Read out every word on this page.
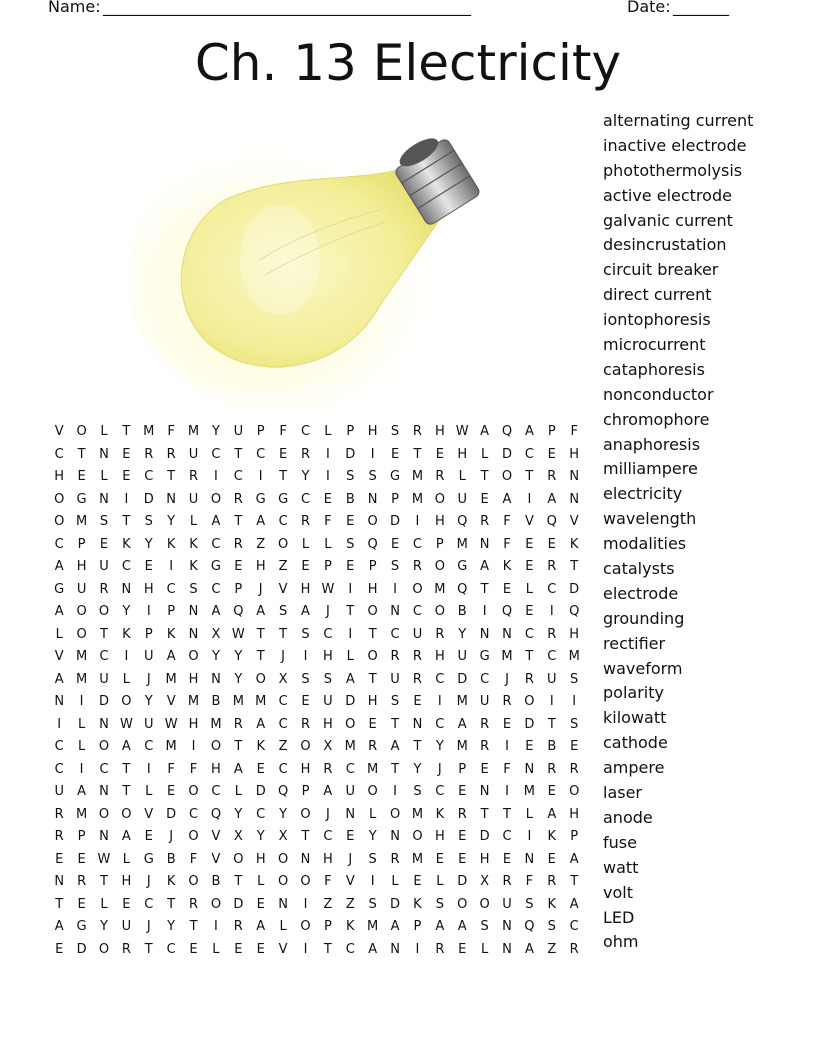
Name: ______________________________________________	Date: _______
Ch. 13 Electricity
V O	L	T M	F	M Y	U	P	F	C	L	P	H	S	R H W A Q A	P	F
C	T	N	E	R	R	U	C	T	C	E	R	I	D	I	E	T	E	H	L	D C	E	H
H	E	L	E	C	T	R	I	C	I	T	Y	I	S	S	G M R	L	T	O	T	R	N
O G N	I	D N U O R G G C	E	B	N	P M O U	E	A	I	A	N
O M S	T	S	Y	L	A	T	A	C	R	F	E	O D	I	H Q R	F	V Q V
C	P	E	K	Y	K	K	C	R	Z O	L	L	S	Q	E	C	P M N	F	E	E	K
A	H U	C	E	I	K	G	E	H	Z	E	P	E	P	S	R O G A	K	E	R	T
G U	R	N H C	S	C	P	J	V	H W	I	H	I	O M Q	T	E	L	C D
A O O	Y	I	P	N	A Q A	S	A	J	T	O N C O B	I	Q	E	I	Q
L	O	T	K	P	K	N	X W T	T	S	C	I	T	C	U	R	Y	N N C	R H
V M C	I	U	A O	Y	Y	T	J	I	H	L	O R	R H U G M T	C M
A M U	L	J	M H N	Y	O X	S	S	A	T	U	R	C D C	J	R	U	S
N	I	D O	Y	V M B M M C	E	U D H	S	E	I	M U	R O	I	I
I	L	N W U W H M R	A	C	R H O	E	T	N C	A	R	E	D	T	S
C	L	O A	C M	I	O	T	K	Z O X M R	A	T	Y M R	I	E	B	E
C	I	C	T	I	F	F	H	A	E	C H R	C M T	Y	J	P	E	F	N	R	R
U	A	N	T	L	E	O C	L	D Q	P	A	U O	I	S	C	E	N	I	M E	O
R M O O V D C Q	Y	C	Y	O	J	N	L	O M K	R	T	T	L	A	H
R	P	N	A	E	J	O V	X	Y	X	T	C	E	Y	N O H	E	D C	I	K	P
E	E W L	G B	F	V O H O N H	J	S	R M E	E	H	E	N	E	A
N	R	T	H	J	K	O B	T	L	O O	F	V	I	L	E	L	D X	R	F	R	T
T	E	L	E	C	T	R O D	E	N	I	Z	Z	S	D	K	S	O O U	S	K	A
A G	Y	U	J	Y	T	I	R	A	L	O	P	K M A	P	A	A	S	N Q	S	C
E	D O R	T	C	E	L	E	E	V	I	T	C	A	N	I	R	E	L	N	A	Z	R
alternating current
inactive electrode
photothermolysis
active electrode
galvanic current
desincrustation
circuit breaker
direct current
iontophoresis
microcurrent
cataphoresis
nonconductor
chromophore
anaphoresis
milliampere
electricity
wavelength
modalities
catalysts
electrode
grounding
rectifier
waveform
polarity
kilowatt
cathode
ampere
laser
anode
fuse
watt
volt
LED
ohm
